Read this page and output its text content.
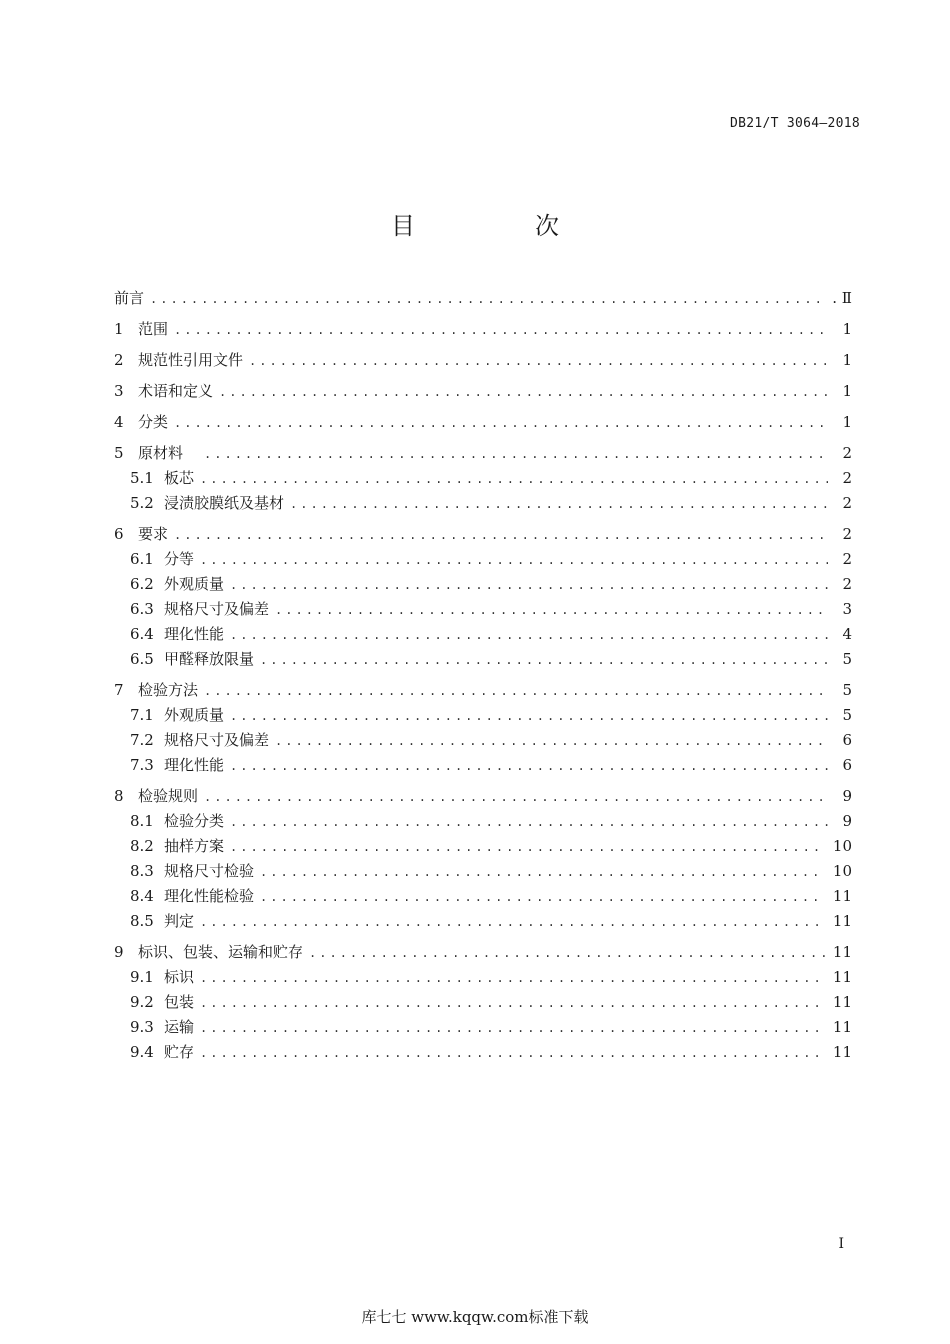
DB21/T 3064—2018
目　次
前言 .....	. Ⅱ
1 范围 .....	1
2 规范性引用文件 .....	1
3 术语和定义 .....	1
4 分类 .....	1
5 原材料　 .....	2
5.1 板芯 .....	2
5.2 浸渍胶膜纸及基材 .....	2
6 要求 .....	2
6.1 分等 .....	2
6.2 外观质量 .....	2
6.3 规格尺寸及偏差 .....	3
6.4 理化性能 .....	4
6.5 甲醛释放限量 .....	5
7 检验方法 .....	5
7.1 外观质量 .....	5
7.2 规格尺寸及偏差 .....	6
7.3 理化性能 .....	6
8 检验规则 .....	9
8.1 检验分类 .....	9
8.2 抽样方案 .....	10
8.3 规格尺寸检验 .....	10
8.4 理化性能检验 .....	11
8.5 判定 .....	11
9 标识、包装、运输和贮存 .....	11
9.1 标识 .....	11
9.2 包装 .....	11
9.3 运输 .....	11
9.4 贮存 .....	11
I
库七七 www.kqqw.com标准下载
